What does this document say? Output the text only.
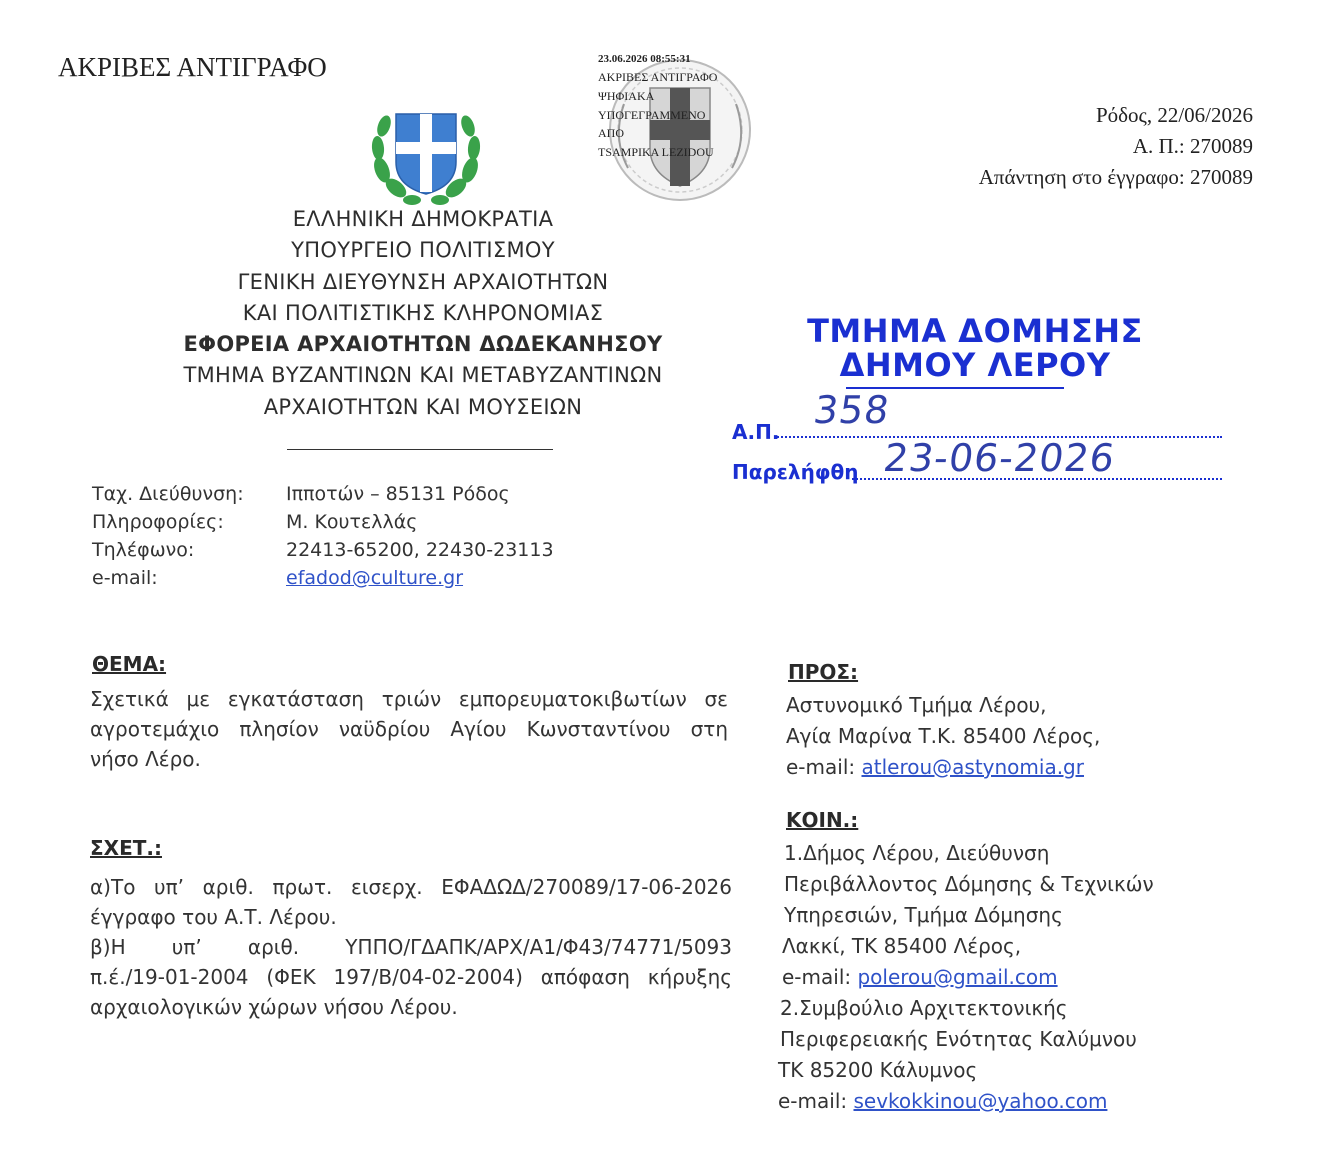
ΑΚΡΙΒΕΣ ΑΝΤΙΓΡΑΦΟ	23.06.2026 08:55:31
ΑΚΡΙΒΕΣ ΑΝΤΙΓΡΑΦΟ
ΨΗΦΙΑΚΑ
ΥΠΟΓΕΓΡΑΜΜΕΝΟ
ΑΠΟ
TSAMPIKA LEZIDOU
Ρόδος, 22/06/2026
Α. Π.: 270089
Απάντηση στο έγγραφο: 270089
ΕΛΛΗΝΙΚΗ ΔΗΜΟΚΡΑΤΙΑ
ΥΠΟΥΡΓΕΙΟ ΠΟΛΙΤΙΣΜΟΥ
ΓΕΝΙΚΗ ΔΙΕΥΘΥΝΣΗ ΑΡΧΑΙΟΤΗΤΩΝ
ΚΑΙ ΠΟΛΙΤΙΣΤΙΚΗΣ ΚΛΗΡΟΝΟΜΙΑΣ
ΕΦΟΡΕΙΑ ΑΡΧΑΙΟΤΗΤΩΝ ΔΩΔΕΚΑΝΗΣΟΥ
ΤΜΗΜΑ ΒΥΖΑΝΤΙΝΩΝ ΚΑΙ ΜΕΤΑΒΥΖΑΝΤΙΝΩΝ
ΑΡΧΑΙΟΤΗΤΩΝ ΚΑΙ ΜΟΥΣΕΙΩΝ
ΤΜΗΜΑ ΔΟΜΗΣΗΣ
ΔΗΜΟΥ ΛΕΡΟΥ
Α.Π. 358
Παρελήφθη 23-06-2026
Ταχ. Διεύθυνση:	Ιπποτών – 85131 Ρόδος
Πληροφορίες:	Μ. Κουτελλάς
Τηλέφωνο:	22413-65200, 22430-23113
e-mail:	efadod@culture.gr
ΘΕΜΑ:
Σχετικά με εγκατάσταση τριών εμπορευματοκιβωτίων σε
αγροτεμάχιο πλησίον ναϋδρίου Αγίου Κωνσταντίνου στη
νήσο Λέρο.
ΣΧΕΤ.:
α)Το υπ’ αριθ. πρωτ. εισερχ. ΕΦΑΔΩΔ/270089/17-06-2026
έγγραφο του Α.Τ. Λέρου.
β)Η υπ’ αριθ. ΥΠΠΟ/ΓΔΑΠΚ/ΑΡΧ/Α1/Φ43/74771/5093
π.έ./19-01-2004 (ΦΕΚ 197/Β/04-02-2004) απόφαση κήρυξης
αρχαιολογικών χώρων νήσου Λέρου.
ΠΡΟΣ:
Αστυνομικό Τμήμα Λέρου,
Αγία Μαρίνα Τ.Κ. 85400 Λέρος,
e-mail: atlerou@astynomia.gr
ΚΟΙΝ.:
1.Δήμος Λέρου, Διεύθυνση
Περιβάλλοντος Δόμησης & Τεχνικών
Υπηρεσιών, Τμήμα Δόμησης
Λακκί, ΤΚ 85400 Λέρος,
e-mail: polerou@gmail.com
2.Συμβούλιο Αρχιτεκτονικής
Περιφερειακής Ενότητας Καλύμνου
ΤΚ 85200 Κάλυμνος
e-mail: sevkokkinou@yahoo.com
